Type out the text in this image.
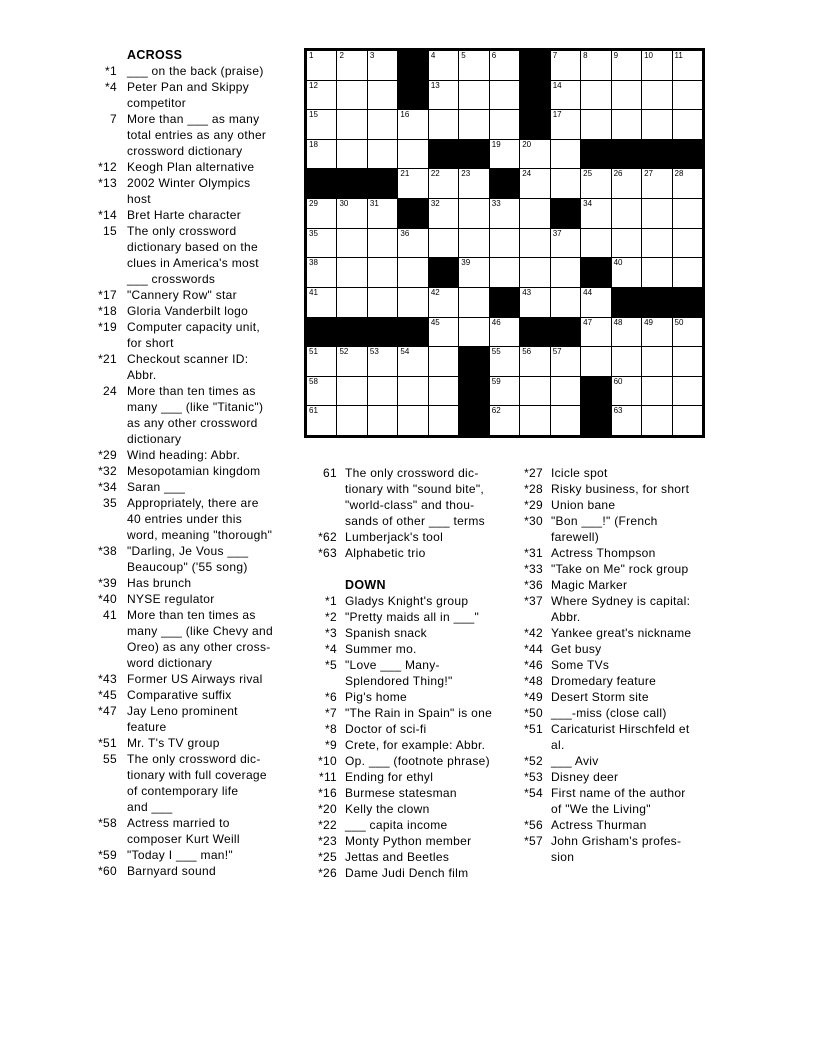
1	2	3	4	5	6	7	8	9	10	11
12	13	14
15	16	17
18	19	20
21	22	23	24	25	26	27	28
29	30	31	32	33	34
35	36	37
38	39	40
41	42	43	44
45	46	47	48	49	50
51	52	53	54	55	56	57
58	59	60
61	62	63
ACROSS
*1 ___ on the back (praise)
*4 Peter Pan and Skippy
competitor
7 More than ___ as many
total entries as any other
crossword dictionary
*12 Keogh Plan alternative
*13 2002 Winter Olympics
host
*14 Bret Harte character
15 The only crossword
dictionary based on the
clues in America's most
___ crosswords
*17 "Cannery Row" star
*18 Gloria Vanderbilt logo
*19 Computer capacity unit,
for short
*21 Checkout scanner ID:
Abbr.
24 More than ten times as
many ___ (like "Titanic")
as any other crossword
dictionary
*29 Wind heading: Abbr.
*32 Mesopotamian kingdom
*34 Saran ___
35 Appropriately, there are
40 entries under this
word, meaning "thorough"
*38 "Darling, Je Vous ___
Beaucoup" ('55 song)
*39 Has brunch
*40 NYSE regulator
41 More than ten times as
many ___ (like Chevy and
Oreo) as any other cross-
word dictionary
*43 Former US Airways rival
*45 Comparative suffix
*47 Jay Leno prominent
feature
*51 Mr. T's TV group
55 The only crossword dic-
tionary with full coverage
of contemporary life
and ___
*58 Actress married to
composer Kurt Weill
*59 "Today I ___ man!"
*60 Barnyard sound
61 The only crossword dic-
tionary with "sound bite",
"world-class" and thou-
sands of other ___ terms
*62 Lumberjack's tool
*63 Alphabetic trio
DOWN
*1 Gladys Knight's group
*2 "Pretty maids all in ___"
*3 Spanish snack
*4 Summer mo.
*5 "Love ___ Many-
Splendored Thing!"
*6 Pig's home
*7 "The Rain in Spain" is one
*8 Doctor of sci-fi
*9 Crete, for example: Abbr.
*10 Op. ___ (footnote phrase)
*11 Ending for ethyl
*16 Burmese statesman
*20 Kelly the clown
*22 ___ capita income
*23 Monty Python member
*25 Jettas and Beetles
*26 Dame Judi Dench film
*27 Icicle spot
*28 Risky business, for short
*29 Union bane
*30 "Bon ___!" (French
farewell)
*31 Actress Thompson
*33 "Take on Me" rock group
*36 Magic Marker
*37 Where Sydney is capital:
Abbr.
*42 Yankee great's nickname
*44 Get busy
*46 Some TVs
*48 Dromedary feature
*49 Desert Storm site
*50 ___-miss (close call)
*51 Caricaturist Hirschfeld et
al.
*52 ___ Aviv
*53 Disney deer
*54 First name of the author
of "We the Living"
*56 Actress Thurman
*57 John Grisham's profes-
sion
